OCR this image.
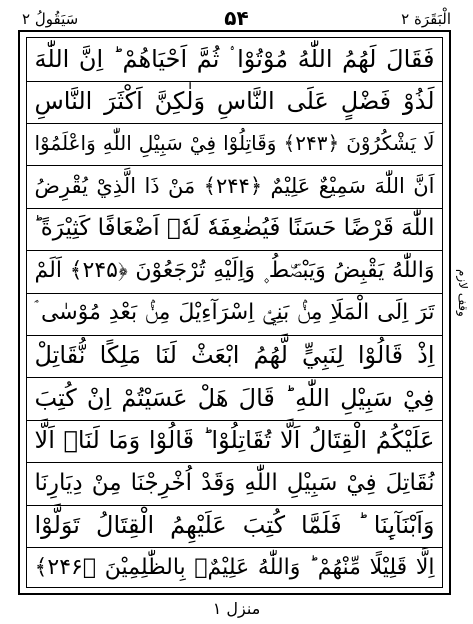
سَيَقُولُ ۲	۵۴	الْبَقَرَة ۲
فَقَالَ لَهُمُ اللّٰهُ مُوْتُوْا ۟ ثُمَّ اَحْيَاهُمْ ؕ اِنَّ اللّٰهَ
لَذُوْ فَضْلٍ عَلَى النَّاسِ وَلٰكِنَّ اَكْثَرَ النَّاسِ
لَا يَشْكُرُوْنَ ﴿۲۴۳﴾ وَقَاتِلُوْا فِيْ سَبِيْلِ اللّٰهِ وَاعْلَمُوْا
اَنَّ اللّٰهَ سَمِيْعٌ عَلِيْمٌ ﴿۲۴۴﴾ مَنْ ذَا الَّذِيْ يُقْرِضُ
اللّٰهَ قَرْضًا حَسَنًا فَيُضٰعِفَهٗ لَهٗۤ اَضْعَافًا كَثِيْرَةً ؕ
وَاللّٰهُ يَقْبِضُ وَيَبْصُۜطُ ۪ وَاِلَيْهِ تُرْجَعُوْنَ ﴿۲۴۵﴾ اَلَمْ
تَرَ اِلَى الْمَلَاِ مِنْۢ بَنِيْۤ اِسْرَآءِيْلَ مِنْۢ بَعْدِ مُوْسٰى ۘ
اِذْ قَالُوْا لِنَبِيٍّ لَّهُمُ ابْعَثْ لَنَا مَلِكًا نُّقَاتِلْ
فِيْ سَبِيْلِ اللّٰهِ ؕ قَالَ هَلْ عَسَيْتُمْ اِنْ كُتِبَ
عَلَيْكُمُ الْقِتَالُ اَلَّا تُقَاتِلُوْا ؕ قَالُوْا وَمَا لَنَاۤ اَلَّا
نُقَاتِلَ فِيْ سَبِيْلِ اللّٰهِ وَقَدْ اُخْرِجْنَا مِنْ دِيَارِنَا
وَاَبْنَآىِٕنَا ؕ فَلَمَّا كُتِبَ عَلَيْهِمُ الْقِتَالُ تَوَلَّوْا
اِلَّا قَلِيْلًا مِّنْهُمْ ؕ وَاللّٰهُ عَلِيْمٌۢ بِالظّٰلِمِيْنَ ﴿۲۴۶﴾
وقف لازم
منزل ۱
